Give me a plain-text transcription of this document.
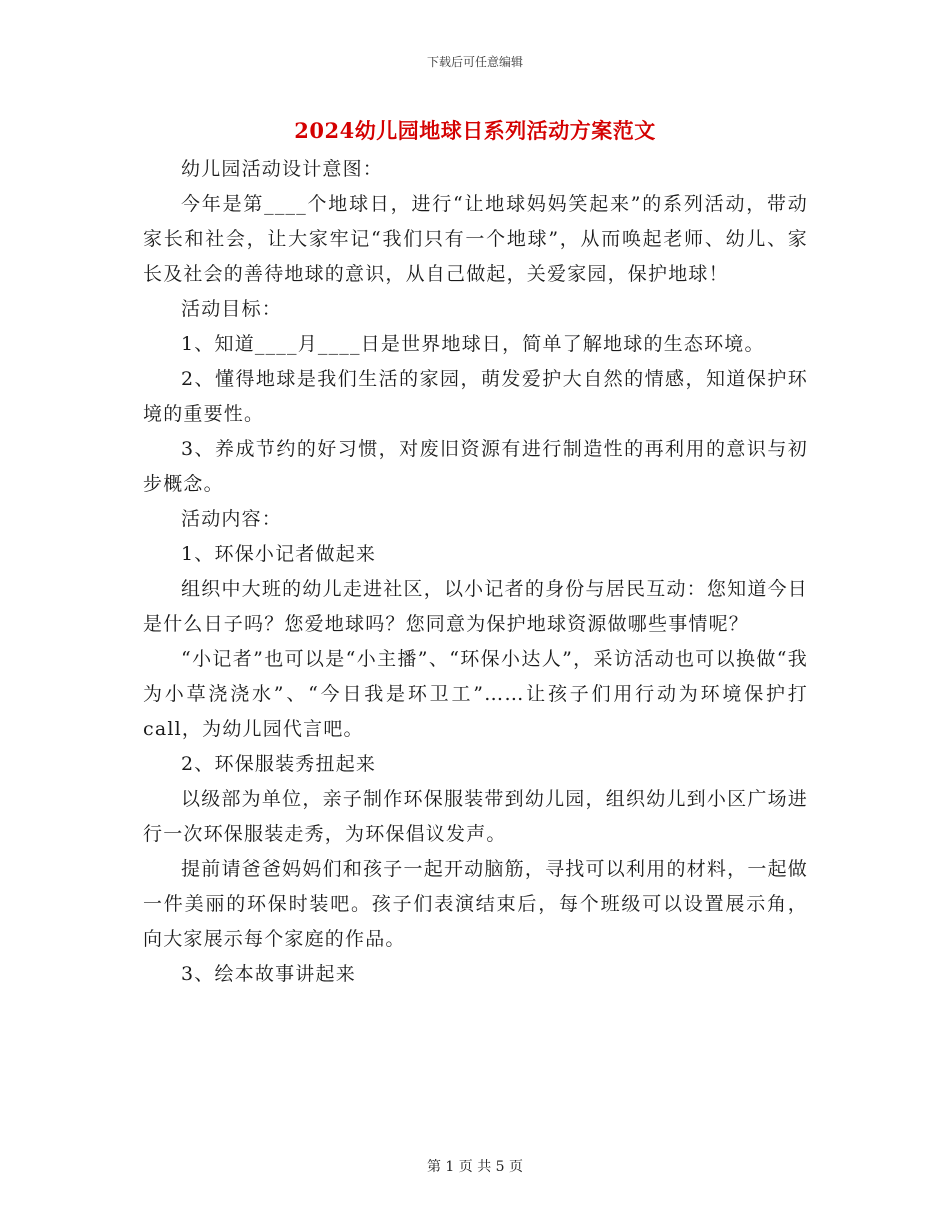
下载后可任意编辑
2024幼儿园地球日系列活动方案范文

幼儿园活动设计意图：

今年是第____个地球日，进行“让地球妈妈笑起来”的系列活动，带动家长和社会，让大家牢记“我们只有一个地球”，从而唤起老师、幼儿、家长及社会的善待地球的意识，从自己做起，关爱家园，保护地球！

活动目标：

1、知道____月____日是世界地球日，简单了解地球的生态环境。

2、懂得地球是我们生活的家园，萌发爱护大自然的情感，知道保护环境的重要性。

3、养成节约的好习惯，对废旧资源有进行制造性的再利用的意识与初步概念。

活动内容：

1、环保小记者做起来

组织中大班的幼儿走进社区，以小记者的身份与居民互动：您知道今日是什么日子吗？您爱地球吗？您同意为保护地球资源做哪些事情呢？

“小记者”也可以是“小主播”、“环保小达人”，采访活动也可以换做“我为小草浇浇水”、“今日我是环卫工”……让孩子们用行动为环境保护打call，为幼儿园代言吧。

2、环保服装秀扭起来

以级部为单位，亲子制作环保服装带到幼儿园，组织幼儿到小区广场进行一次环保服装走秀，为环保倡议发声。

提前请爸爸妈妈们和孩子一起开动脑筋，寻找可以利用的材料，一起做一件美丽的环保时装吧。孩子们表演结束后，每个班级可以设置展示角，向大家展示每个家庭的作品。

3、绘本故事讲起来

第 1 页 共 5 页
